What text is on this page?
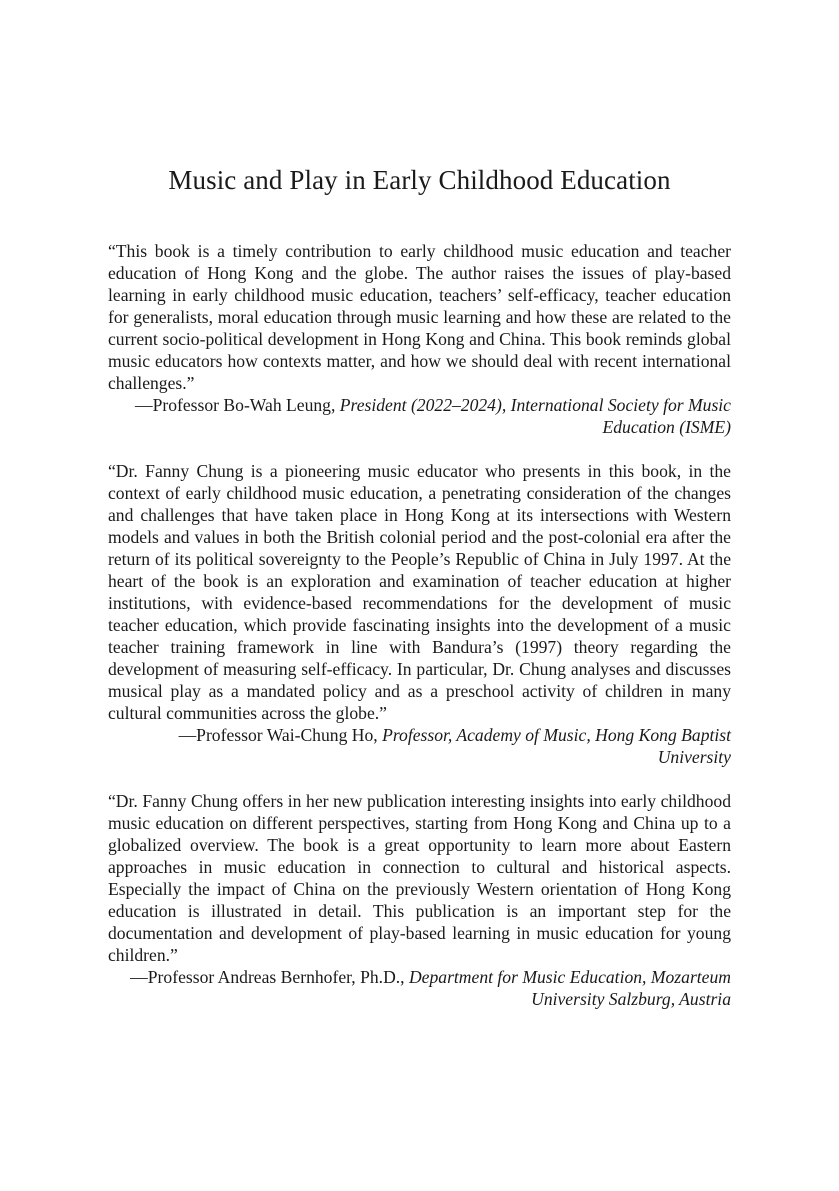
Music and Play in Early Childhood Education

“This book is a timely contribution to early childhood music education and teacher education of Hong Kong and the globe. The author raises the issues of play-based learning in early childhood music education, teachers’ self-efficacy, teacher education for generalists, moral education through music learning and how these are related to the current socio-political development in Hong Kong and China. This book reminds global music educators how contexts matter, and how we should deal with recent international challenges.”

—Professor Bo-Wah Leung, President (2022–2024), International Society for Music Education (ISME)

“Dr. Fanny Chung is a pioneering music educator who presents in this book, in the context of early childhood music education, a penetrating consideration of the changes and challenges that have taken place in Hong Kong at its intersections with Western models and values in both the British colonial period and the post-colonial era after the return of its political sovereignty to the People’s Republic of China in July 1997. At the heart of the book is an exploration and examination of teacher education at higher institutions, with evidence-based recommendations for the development of music teacher education, which provide fascinating insights into the development of a music teacher training framework in line with Bandura’s (1997) theory regarding the development of measuring self-efficacy. In particular, Dr. Chung analyses and discusses musical play as a mandated policy and as a preschool activity of children in many cultural communities across the globe.”

—Professor Wai-Chung Ho, Professor, Academy of Music, Hong Kong Baptist University

“Dr. Fanny Chung offers in her new publication interesting insights into early childhood music education on different perspectives, starting from Hong Kong and China up to a globalized overview. The book is a great opportunity to learn more about Eastern approaches in music education in connection to cultural and historical aspects. Especially the impact of China on the previously Western orientation of Hong Kong education is illustrated in detail. This publication is an important step for the documentation and development of play-based learning in music education for young children.”

—Professor Andreas Bernhofer, Ph.D., Department for Music Education, Mozarteum University Salzburg, Austria
